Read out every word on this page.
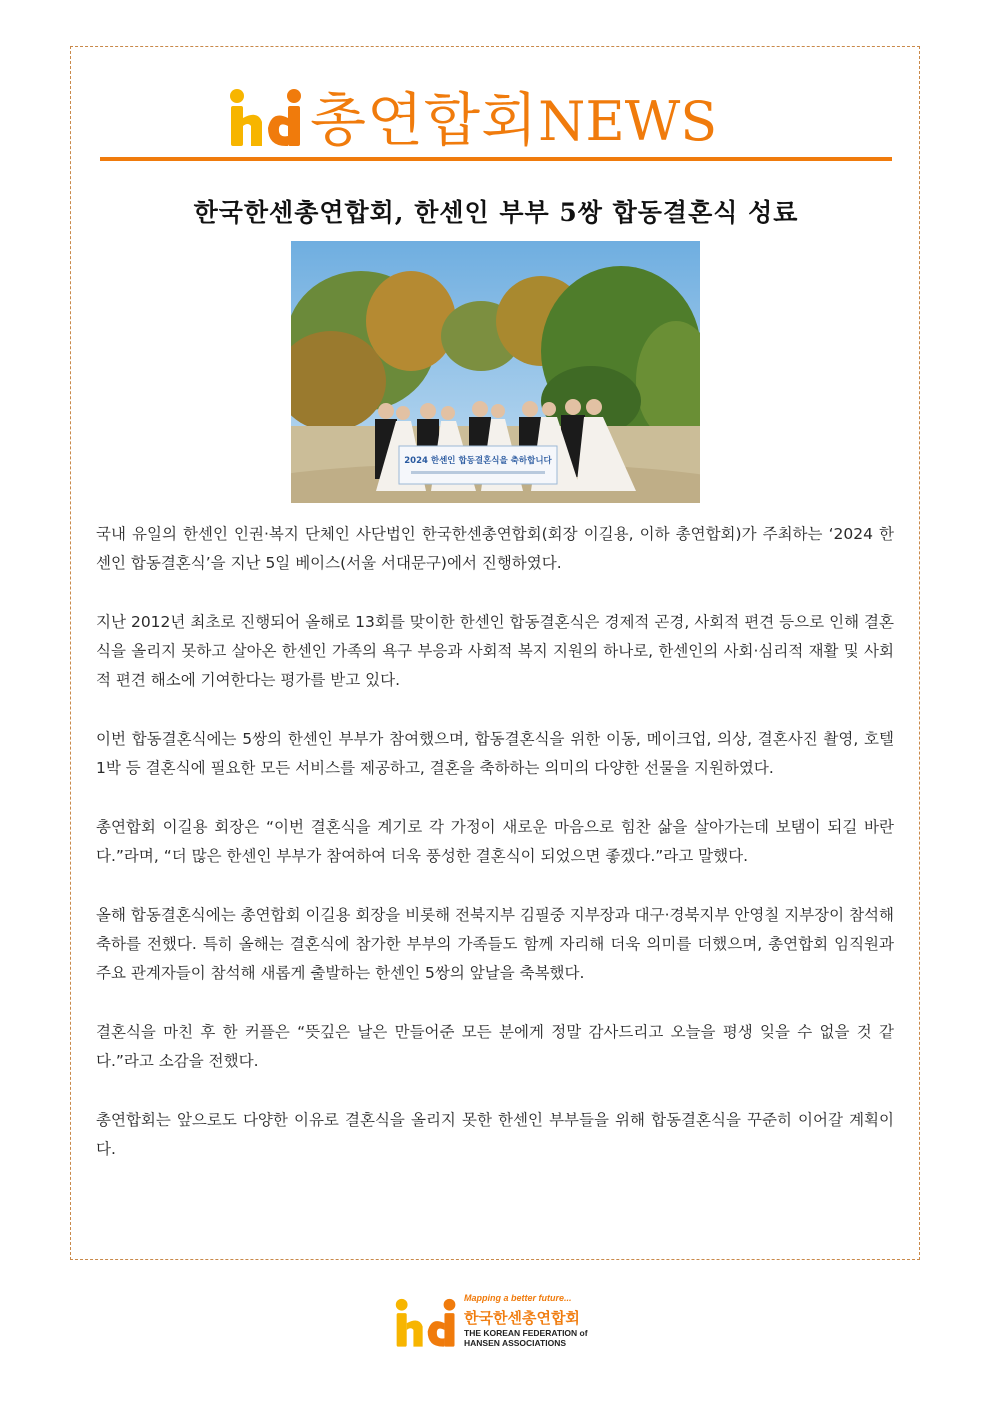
총연합회NEWS
한국한센총연합회, 한센인 부부 5쌍 합동결혼식 성료
2024 한센인 합동결혼식을 축하합니다

국내 유일의 한센인 인권·복지 단체인 사단법인 한국한센총연합회(회장 이길용, 이하 총연합회)가 주최하는 ‘2024 한센인 합동결혼식’을 지난 5일 베이스(서울 서대문구)에서 진행하였다.

지난 2012년 최초로 진행되어 올해로 13회를 맞이한 한센인 합동결혼식은 경제적 곤경, 사회적 편견 등으로 인해 결혼식을 올리지 못하고 살아온 한센인 가족의 욕구 부응과 사회적 복지 지원의 하나로, 한센인의 사회·심리적 재활 및 사회적 편견 해소에 기여한다는 평가를 받고 있다.

이번 합동결혼식에는 5쌍의 한센인 부부가 참여했으며, 합동결혼식을 위한 이동, 메이크업, 의상, 결혼사진 촬영, 호텔 1박 등 결혼식에 필요한 모든 서비스를 제공하고, 결혼을 축하하는 의미의 다양한 선물을 지원하였다.

총연합회 이길용 회장은 “이번 결혼식을 계기로 각 가정이 새로운 마음으로 힘찬 삶을 살아가는데 보탬이 되길 바란다.”라며, “더 많은 한센인 부부가 참여하여 더욱 풍성한 결혼식이 되었으면 좋겠다.”라고 말했다.

올해 합동결혼식에는 총연합회 이길용 회장을 비롯해 전북지부 김필중 지부장과 대구·경북지부 안영칠 지부장이 참석해 축하를 전했다. 특히 올해는 결혼식에 참가한 부부의 가족들도 함께 자리해 더욱 의미를 더했으며, 총연합회 임직원과 주요 관계자들이 참석해 새롭게 출발하는 한센인 5쌍의 앞날을 축복했다.

결혼식을 마친 후 한 커플은 “뜻깊은 날은 만들어준 모든 분에게 정말 감사드리고 오늘을 평생 잊을 수 없을 것 같다.”라고 소감을 전했다.

총연합회는 앞으로도 다양한 이유로 결혼식을 올리지 못한 한센인 부부들을 위해 합동결혼식을 꾸준히 이어갈 계획이다.

Mapping a better future...
한국한센총연합회
THE KOREAN FEDERATION of
HANSEN ASSOCIATIONS
